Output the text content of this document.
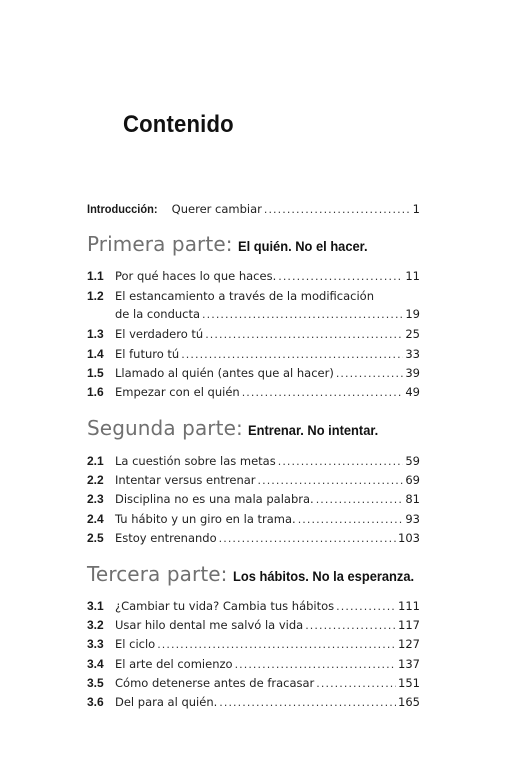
Contenido
Introducción: Querer cambiar . . .	1
Primera parte: El quién. No el hacer.
1.1 Por qué haces lo que haces. . . .	11
1.2 El estancamiento a través de la modificación
de la conducta . . .	19
1.3 El verdadero tú . . .	25
1.4 El futuro tú . . .	33
1.5 Llamado al quién (antes que al hacer) . . .	39
1.6 Empezar con el quién . . .	49
Segunda parte: Entrenar. No intentar.
2.1 La cuestión sobre las metas . . .	59
2.2 Intentar versus entrenar . . .	69
2.3 Disciplina no es una mala palabra. . . .	81
2.4 Tu hábito y un giro en la trama. . . .	93
2.5 Estoy entrenando . . .	103
Tercera parte: Los hábitos. No la esperanza.
3.1 ¿Cambiar tu vida? Cambia tus hábitos . . .	111
3.2 Usar hilo dental me salvó la vida . . .	117
3.3 El ciclo . . .	127
3.4 El arte del comienzo . . .	137
3.5 Cómo detenerse antes de fracasar . . .	151
3.6 Del para al quién. . . .	165
